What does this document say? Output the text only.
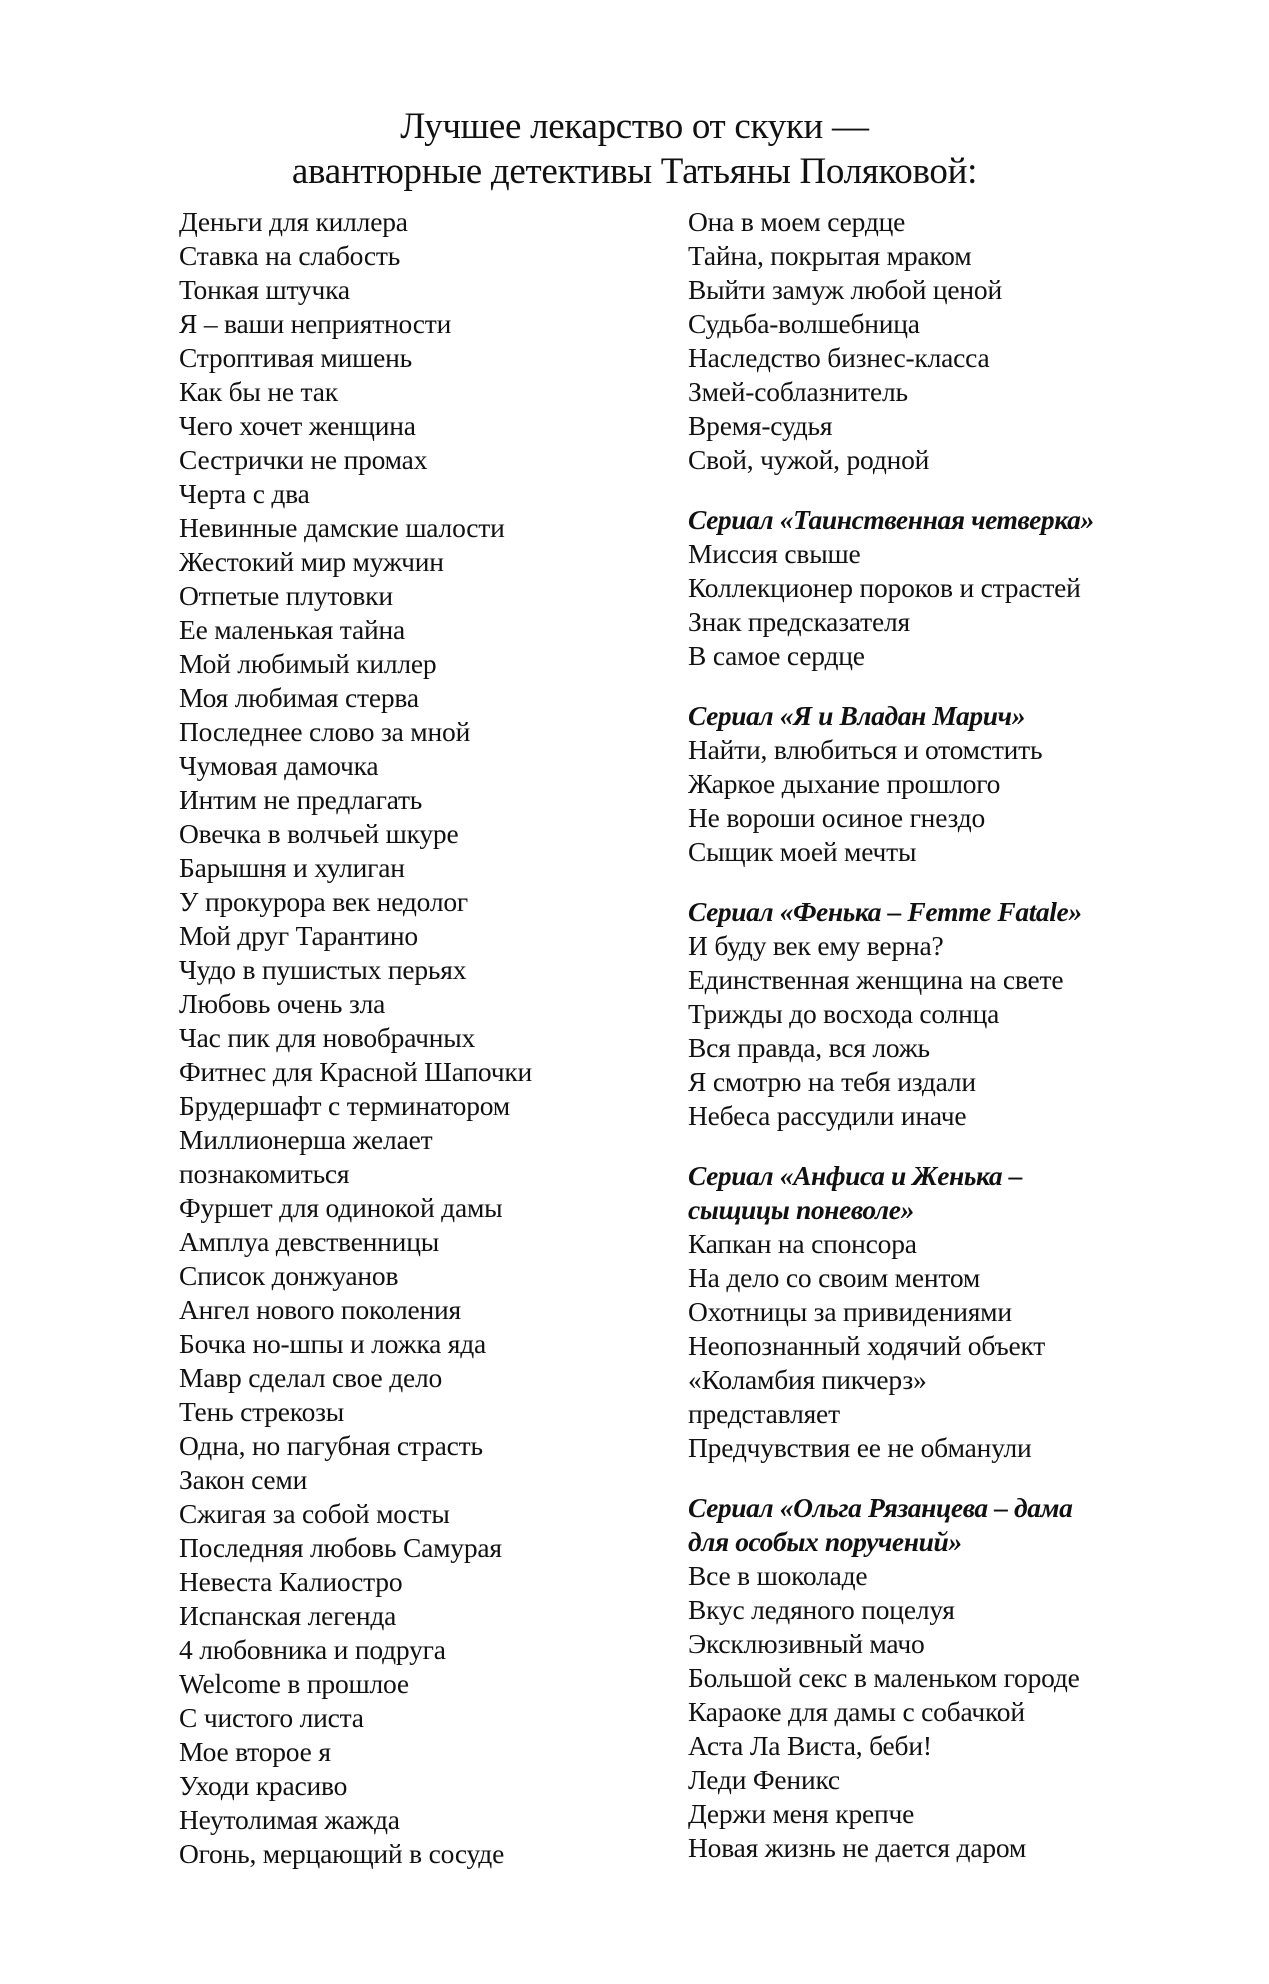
Лучшее лекарство от скуки —
авантюрные детективы Татьяны Поляковой:
Деньги для киллера
Ставка на слабость
Тонкая штучка
Я – ваши неприятности
Строптивая мишень
Как бы не так
Чего хочет женщина
Сестрички не промах
Черта с два
Невинные дамские шалости
Жестокий мир мужчин
Отпетые плутовки
Ее маленькая тайна
Мой любимый киллер
Моя любимая стерва
Последнее слово за мной
Чумовая дамочка
Интим не предлагать
Овечка в волчьей шкуре
Барышня и хулиган
У прокурора век недолог
Мой друг Тарантино
Чудо в пушистых перьях
Любовь очень зла
Час пик для новобрачных
Фитнес для Красной Шапочки
Брудершафт с терминатором
Миллионерша желает
познакомиться
Фуршет для одинокой дамы
Амплуа девственницы
Список донжуанов
Ангел нового поколения
Бочка но-шпы и ложка яда
Мавр сделал свое дело
Тень стрекозы
Одна, но пагубная страсть
Закон семи
Сжигая за собой мосты
Последняя любовь Самурая
Невеста Калиостро
Испанская легенда
4 любовника и подруга
Welcome в прошлое
С чистого листа
Мое второе я
Уходи красиво
Неутолимая жажда
Огонь, мерцающий в сосуде
Она в моем сердце
Тайна, покрытая мраком
Выйти замуж любой ценой
Судьба-волшебница
Наследство бизнес-класса
Змей-соблазнитель
Время-судья
Свой, чужой, родной
Сериал «Таинственная четверка»
Миссия свыше
Коллекционер пороков и страстей
Знак предсказателя
В самое сердце
Сериал «Я и Владан Марич»
Найти, влюбиться и отомстить
Жаркое дыхание прошлого
Не вороши осиное гнездо
Сыщик моей мечты
Сериал «Фенька – Femme Fatale»
И буду век ему верна?
Единственная женщина на свете
Трижды до восхода солнца
Вся правда, вся ложь
Я смотрю на тебя издали
Небеса рассудили иначе
Сериал «Анфиса и Женька –
сыщицы поневоле»
Капкан на спонсора
На дело со своим ментом
Охотницы за привидениями
Неопознанный ходячий объект
«Коламбия пикчерз»
представляет
Предчувствия ее не обманули
Сериал «Ольга Рязанцева – дама
для особых поручений»
Все в шоколаде
Вкус ледяного поцелуя
Эксклюзивный мачо
Большой секс в маленьком городе
Караоке для дамы с собачкой
Аста Ла Виста, беби!
Леди Феникс
Держи меня крепче
Новая жизнь не дается даром
